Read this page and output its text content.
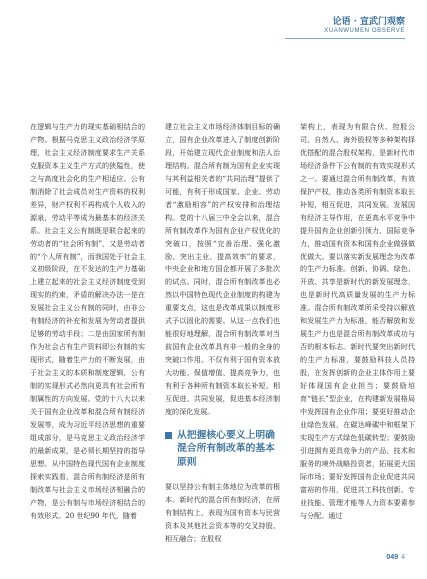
论语 · 宣武门观察
XUANWUMEN OBSERVE

在逻辑与生产力的现实基础相结合的产物。根据马克思主义政治经济学原理，社会主义经济制度要求生产关系克服资本主义生产方式的狭隘性，使之与高度社会化的生产相适应。公有制消除了社会成员对生产资料的权利差异，财产权利不再构成个人收入的源泉，劳动平等成为最基本的经济关系。社会主义公有制既是联合起来的劳动者的“社会所有制”，又是劳动者的“个人所有制”，而我国处于社会主义初级阶段，在不发达的生产力基础上建立起来的社会主义经济制度受到现实的约束，矛盾的解决办法一是在发展社会主义公有制的同时，由非公有制经济的补充和发展为劳动者提供足够的劳动手段；二是由国家所有制作为社会占有生产资料即公有制的实现形式，随着生产力的不断发展，由于社会主义的本质和制度逻辑，公有制的实现形式必然向更具有社会所有制属性的方向发展。党的十八大以来关于国有企业改革和混合所有制经济发展等，成为习近平经济思想的重要组成部分，是马克思主义政治经济学的最新成果，是必须长期坚持的指导思想。从中国特色现代国有企业制度探索实践看，混合所有制经济是所有制改革与社会主义市场经济相融合的产物，是公有制与市场经济相结合的有效形式。20 世纪90 年代，随着

建立社会主义市场经济体制目标的确立，国有企业改革进入了制度创新阶段，开始建立现代企业制度和法人治理结构。混合所有制为国有企业实现与其利益相关者的“共同治理”提供了可能，有利于形成国家、企业、劳动者“激励相容”的产权安排和治理结构。党的十八届三中全会以来，混合所有制改革作为国有企业产权优化的突破口，按照“完善治理、强化激励、突出主业、提高效率”的要求，中央企业和地方国企都开展了多批次的试点。同时，混合所有制改革也必然以中国特色现代企业制度的构建为重要支点，这也是改革成果以制度形式予以固化的需要。从这一点我们也能很好地理解，混合所有制改革对当前国有企业改革具有非一般的全身的突破口作用。不仅有利于国有资本放大功能、保值增值、提高竞争力，也有利于各种所有制资本取长补短、相互促进、共同发展，促进基本经济制度的深化发展。

从把握核心要义上明确混合所有制改革的基本原则

要以坚持公有制主体地位为改革的根本。新时代的混合所有制经济，在所有制结构上，表现为国有资本与民营资本及其他社会资本等的交叉持股、相互融合；在股权

架构上，表现为有限合伙、控股公司、自然人、海外股权等多种架构择优搭配的混合股权架构，是新时代市场经济条件下公有制的有效实现形式之一。要通过混合所有制改革，有效保护产权，推动各类所有制资本取长补短，相互促进，共同发展。发展国有经济主导作用，在更高水平竞争中提升国有企业创新引领力、国际竞争力，推动国有资本和国有企业做强做优做大。要以落实新发展理念为改革的生产力标准。创新、协调、绿色、开放、共享是新时代的新发展理念，也是新时代高质量发展的生产力标准。混合所有制改革所采受持以解放和发展生产力为标准，能否解放和发展生产力也是混合所有制改革成功与否的根本标志。新时代要突出新时代的生产力标准，要鼓励科技人员持股，在发挥创新的企业主体作用上要好体现国有企业担当；要鼓励培育“链长”型企业，在构建新发展格局中发挥国有企业作用；要更好推动企业绿色发展，在碳达峰碳中和框架下实现生产方式绿色低碳转型；要鼓励引进拥有更具竞争力的产品、技术和服务的境外战略投资者，拓展更大国际市场；要好发挥国有企业促进共同富裕的作用，促进共工科技创新、专业技能、管理才能等人力资本要素参与分配。通过

049 4
